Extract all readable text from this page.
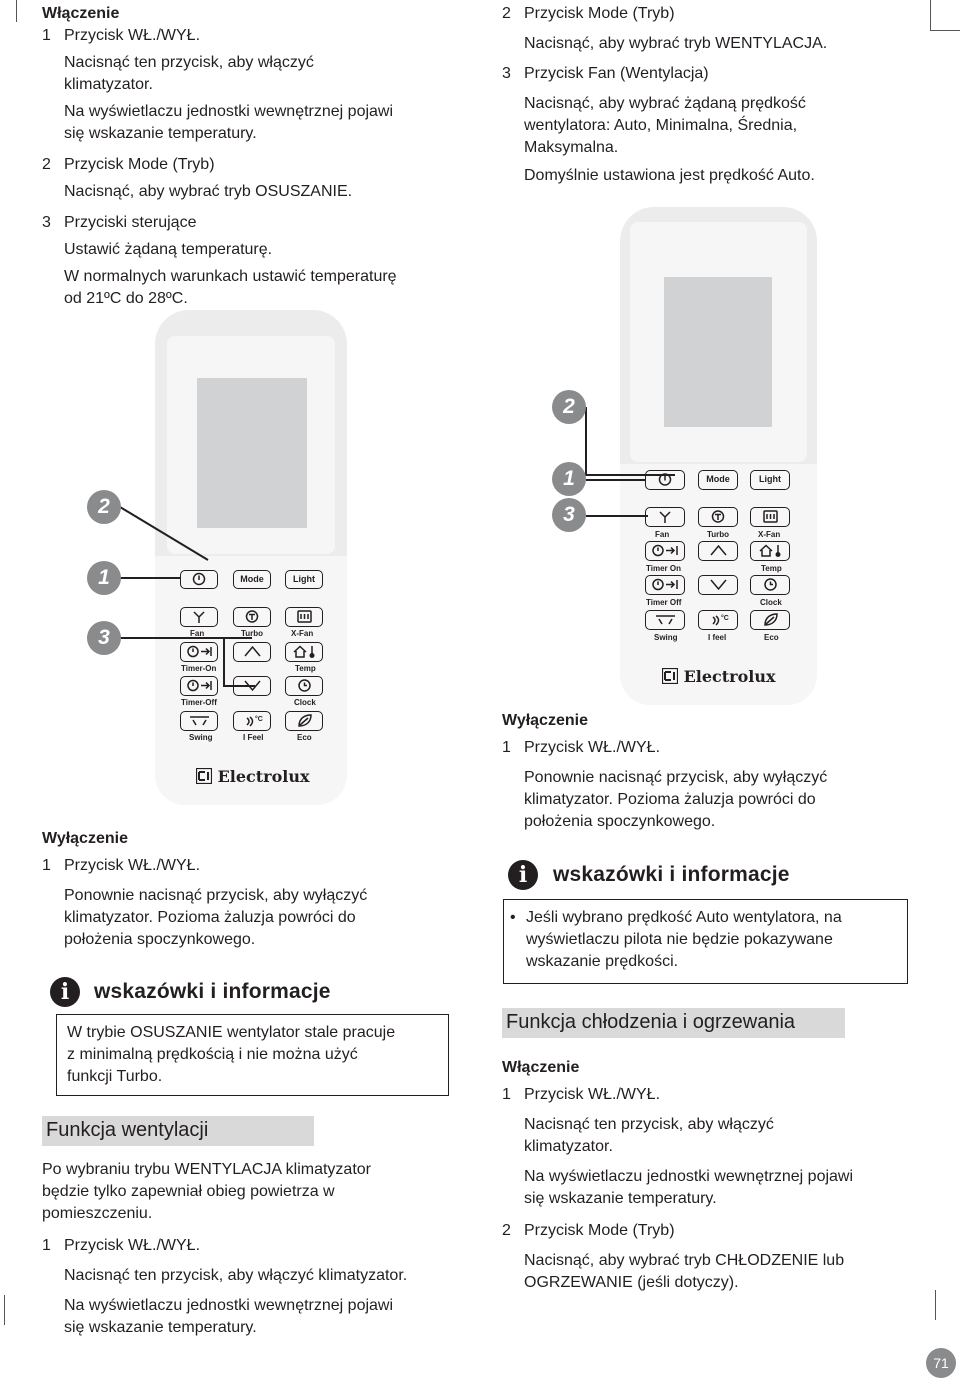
Włączenie
1 Przycisk WŁ./WYŁ.
Nacisnąć ten przycisk, aby włączyć
klimatyzator.
Na wyświetlaczu jednostki wewnętrznej pojawi
się wskazanie temperatury.
2 Przycisk Mode (Tryb)
Nacisnąć, aby wybrać tryb OSUSZANIE.
3 Przyciski sterujące
Ustawić żądaną temperaturę.
W normalnych warunkach ustawić temperaturę
od 21ºC do 28ºC.
2 Przycisk Mode (Tryb)
Nacisnąć, aby wybrać tryb WENTYLACJA.
3 Przycisk Fan (Wentylacja)
Nacisnąć, aby wybrać żądaną prędkość
wentylatora: Auto, Minimalna, Średnia,
Maksymalna.
Domyślnie ustawiona jest prędkość Auto.
Mode	Light
Fan	Turbo	X-Fan
Timer-On	Temp
Timer-Off	Clock
Swing
°C
I Feel	Eco
Electrolux
2
1
3
Mode	Light
Fan	Turbo	X-Fan
Timer On	Temp
Timer Off	Clock
Swing
°C
I feel	Eco
Electrolux
2
1
3
Wyłączenie
1 Przycisk WŁ./WYŁ.
Ponownie nacisnąć przycisk, aby wyłączyć
klimatyzator. Pozioma żaluzja powróci do
położenia spoczynkowego.
i	wskazówki i informacje
W trybie OSUSZANIE wentylator stale pracuje
z minimalną prędkością i nie można użyć
funkcji Turbo.
Funkcja wentylacji
Po wybraniu trybu WENTYLACJA klimatyzator
będzie tylko zapewniał obieg powietrza w
pomieszczeniu.
1 Przycisk WŁ./WYŁ.
Nacisnąć ten przycisk, aby włączyć klimatyzator.
Na wyświetlaczu jednostki wewnętrznej pojawi
się wskazanie temperatury.
Wyłączenie
1 Przycisk WŁ./WYŁ.
Ponownie nacisnąć przycisk, aby wyłączyć
klimatyzator. Pozioma żaluzja powróci do
położenia spoczynkowego.
i	wskazówki i informacje
• Jeśli wybrano prędkość Auto wentylatora, na
wyświetlaczu pilota nie będzie pokazywane
wskazanie prędkości.
Funkcja chłodzenia i ogrzewania
Włączenie
1 Przycisk WŁ./WYŁ.
Nacisnąć ten przycisk, aby włączyć
klimatyzator.
Na wyświetlaczu jednostki wewnętrznej pojawi
się wskazanie temperatury.
2 Przycisk Mode (Tryb)
Nacisnąć, aby wybrać tryb CHŁODZENIE lub
OGRZEWANIE (jeśli dotyczy).
71
